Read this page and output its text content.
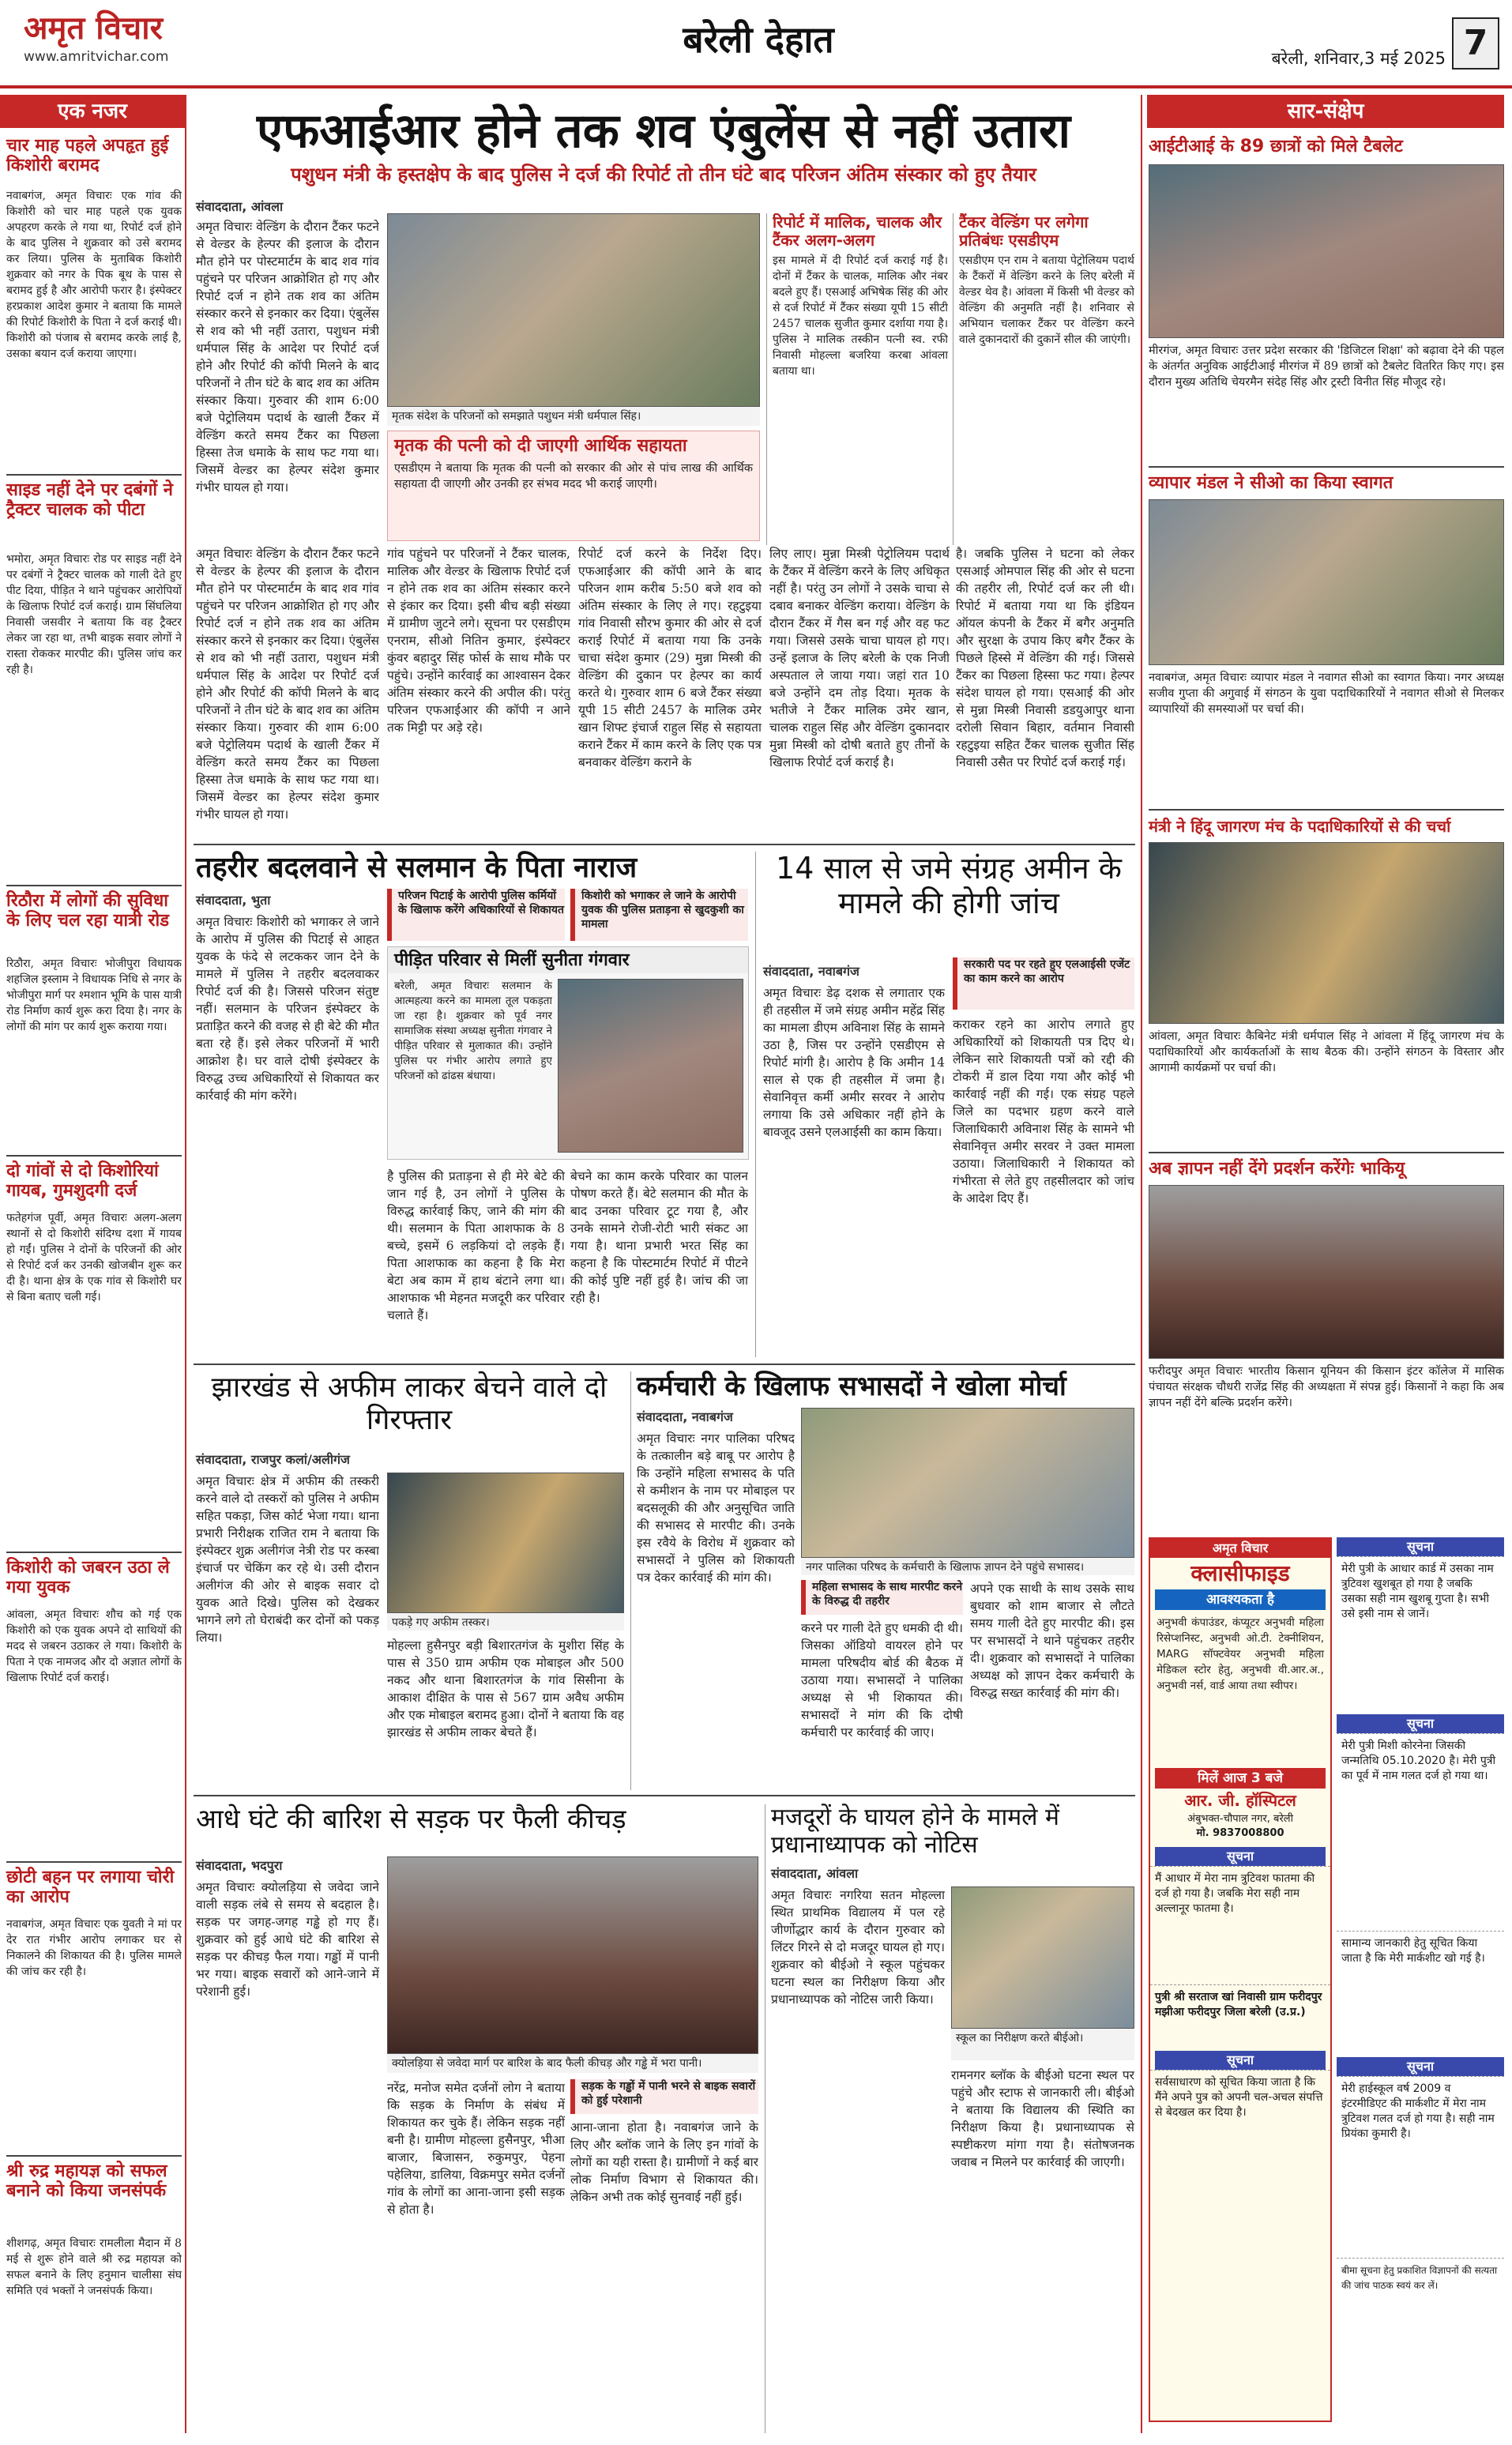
अमृत विचार
www.amritvichar.com	बरेली देहात	बरेली, शनिवार,3 मई 2025 7
एक नजर
चार माह पहले अपहृत हुई किशोरी बरामद
नवाबगंज, अमृत विचारः एक गांव की किशोरी को चार माह पहले एक युवक अपहरण करके ले गया था, रिपोर्ट दर्ज होने के बाद पुलिस ने शुक्रवार को उसे बरामद कर लिया। पुलिस के मुताबिक किशोरी शुक्रवार को नगर के पिक बूथ के पास से बरामद हुई है और आरोपी फरार है। इंस्पेक्टर हरप्रकाश आदेश कुमार ने बताया कि मामले की रिपोर्ट किशोरी के पिता ने दर्ज कराई थी। किशोरी को पंजाब से बरामद करके लाई है, उसका बयान दर्ज कराया जाएगा।
साइड नहीं देने पर दबंगों ने ट्रैक्टर चालक को पीटा
भमोरा, अमृत विचारः रोड पर साइड नहीं देने पर दबंगों ने ट्रैक्टर चालक को गाली देते हुए पीट दिया, पीड़ित ने थाने पहुंचकर आरोपियों के खिलाफ रिपोर्ट दर्ज कराई। ग्राम सिंघलिया निवासी जसवीर ने बताया कि वह ट्रैक्टर लेकर जा रहा था, तभी बाइक सवार लोगों ने रास्ता रोककर मारपीट की। पुलिस जांच कर रही है।
रिठौरा में लोगों की सुविधा के लिए चल रहा यात्री रोड
रिठौरा, अमृत विचारः भोजीपुरा विधायक शहजिल इस्लाम ने विधायक निधि से नगर के भोजीपुरा मार्ग पर श्मशान भूमि के पास यात्री रोड निर्माण कार्य शुरू करा दिया है। नगर के लोगों की मांग पर कार्य शुरू कराया गया।
दो गांवों से दो किशोरियां गायब, गुमशुदगी दर्ज
फतेहगंज पूर्वी, अमृत विचारः अलग-अलग स्थानों से दो किशोरी संदिग्ध दशा में गायब हो गईं। पुलिस ने दोनों के परिजनों की ओर से रिपोर्ट दर्ज कर उनकी खोजबीन शुरू कर दी है। थाना क्षेत्र के एक गांव से किशोरी घर से बिना बताए चली गई।
किशोरी को जबरन उठा ले गया युवक
आंवला, अमृत विचारः शौच को गई एक किशोरी को एक युवक अपने दो साथियों की मदद से जबरन उठाकर ले गया। किशोरी के पिता ने एक नामजद और दो अज्ञात लोगों के खिलाफ रिपोर्ट दर्ज कराई।
छोटी बहन पर लगाया चोरी का आरोप
नवाबगंज, अमृत विचारः एक युवती ने मां पर देर रात गंभीर आरोप लगाकर घर से निकालने की शिकायत की है। पुलिस मामले की जांच कर रही है।
श्री रुद्र महायज्ञ को सफल बनाने को किया जनसंपर्क
शीशगढ़, अमृत विचारः रामलीला मैदान में 8 मई से शुरू होने वाले श्री रुद्र महायज्ञ को सफल बनाने के लिए हनुमान चालीसा संघ समिति एवं भक्तों ने जनसंपर्क किया।
एफआईआर होने तक शव एंबुलेंस से नहीं उतारा
पशुधन मंत्री के हस्तक्षेप के बाद पुलिस ने दर्ज की रिपोर्ट तो तीन घंटे बाद परिजन अंतिम संस्कार को हुए तैयार
संवाददाता, आंवला
अमृत विचारः वेल्डिंग के दौरान टैंकर फटने से वेल्डर के हेल्पर की इलाज के दौरान मौत होने पर पोस्टमार्टम के बाद शव गांव पहुंचने पर परिजन आक्रोशित हो गए और रिपोर्ट दर्ज न होने तक शव का अंतिम संस्कार करने से इनकार कर दिया। एंबुलेंस से शव को भी नहीं उतारा, पशुधन मंत्री धर्मपाल सिंह के आदेश पर रिपोर्ट दर्ज होने और रिपोर्ट की कॉपी मिलने के बाद परिजनों ने तीन घंटे के बाद शव का अंतिम संस्कार किया। गुरुवार की शाम 6:00 बजे पेट्रोलियम पदार्थ के खाली टैंकर में वेल्डिंग करते समय टैंकर का पिछला हिस्सा तेज धमाके के साथ फट गया था। जिसमें वेल्डर का हेल्पर संदेश कुमार गंभीर घायल हो गया।
मृतक संदेश के परिजनों को समझाते पशुधन मंत्री धर्मपाल सिंह।
मृतक की पत्नी को दी जाएगी आर्थिक सहायता
एसडीएम ने बताया कि मृतक की पत्नी को सरकार की ओर से पांच लाख की आर्थिक सहायता दी जाएगी और उनकी हर संभव मदद भी कराई जाएगी।
रिपोर्ट में मालिक, चालक और टैंकर अलग-अलग
इस मामले में दी रिपोर्ट दर्ज कराई गई है। दोनों में टैंकर के चालक, मालिक और नंबर बदले हुए हैं। एसआई अभिषेक सिंह की ओर से दर्ज रिपोर्ट में टैंकर संख्या यूपी 15 सीटी 2457 चालक सुजीत कुमार दर्शाया गया है। पुलिस ने मालिक तस्कीन पत्नी स्व. रफी निवासी मोहल्ला बजरिया करबा आंवला बताया था।
टैंकर वेल्डिंग पर लगेगा प्रतिबंधः एसडीएम
एसडीएम एन राम ने बताया पेट्रोलियम पदार्थ के टैंकरों में वेल्डिंग करने के लिए बरेली में वेल्डर थेव है। आंवला में किसी भी वेल्डर को वेल्डिंग की अनुमति नहीं है। शनिवार से अभियान चलाकर टैंकर पर वेल्डिंग करने वाले दुकानदारों की दुकानें सील की जाएंगी।
अमृत विचारः वेल्डिंग के दौरान टैंकर फटने से वेल्डर के हेल्पर की इलाज के दौरान मौत होने पर पोस्टमार्टम के बाद शव गांव पहुंचने पर परिजन आक्रोशित हो गए और रिपोर्ट दर्ज न होने तक शव का अंतिम संस्कार करने से इनकार कर दिया। एंबुलेंस से शव को भी नहीं उतारा, पशुधन मंत्री धर्मपाल सिंह के आदेश पर रिपोर्ट दर्ज होने और रिपोर्ट की कॉपी मिलने के बाद परिजनों ने तीन घंटे के बाद शव का अंतिम संस्कार किया। गुरुवार की शाम 6:00 बजे पेट्रोलियम पदार्थ के खाली टैंकर में वेल्डिंग करते समय टैंकर का पिछला हिस्सा तेज धमाके के साथ फट गया था। जिसमें वेल्डर का हेल्पर संदेश कुमार गंभीर घायल हो गया।
गांव पहुंचने पर परिजनों ने टैंकर चालक, मालिक और वेल्डर के खिलाफ रिपोर्ट दर्ज न होने तक शव का अंतिम संस्कार करने से इंकार कर दिया। इसी बीच बड़ी संख्या में ग्रामीण जुटने लगे। सूचना पर एसडीएम एनराम, सीओ नितिन कुमार, इंस्पेक्टर कुंवर बहादुर सिंह फोर्स के साथ मौके पर पहुंचे। उन्होंने कार्रवाई का आश्वासन देकर अंतिम संस्कार करने की अपील की। परंतु परिजन एफआईआर की कॉपी न आने तक मिट्टी पर अड़े रहे।
रिपोर्ट दर्ज करने के निर्देश दिए। एफआईआर की कॉपी आने के बाद परिजन शाम करीब 5:50 बजे शव को अंतिम संस्कार के लिए ले गए। रहटुइया गांव निवासी सौरभ कुमार की ओर से दर्ज कराई रिपोर्ट में बताया गया कि उनके चाचा संदेश कुमार (29) मुन्ना मिस्त्री की वेल्डिंग की दुकान पर हेल्पर का कार्य करते थे। गुरुवार शाम 6 बजे टैंकर संख्या यूपी 15 सीटी 2457 के मालिक उमेर खान शिफ्ट इंचार्ज राहुल सिंह से सहायता कराने टैंकर में काम करने के लिए एक पत्र बनवाकर वेल्डिंग कराने के
लिए लाए। मुन्ना मिस्त्री पेट्रोलियम पदार्थ के टैंकर में वेल्डिंग करने के लिए अधिकृत नहीं है। परंतु उन लोगों ने उसके चाचा से दबाव बनाकर वेल्डिंग कराया। वेल्डिंग के दौरान टैंकर में गैस बन गई और वह फट गया। जिससे उसके चाचा घायल हो गए। उन्हें इलाज के लिए बरेली के एक निजी अस्पताल ले जाया गया। जहां रात 10 बजे उन्होंने दम तोड़ दिया। मृतक के भतीजे ने टैंकर मालिक उमेर खान, चालक राहुल सिंह और वेल्डिंग दुकानदार मुन्ना मिस्त्री को दोषी बताते हुए तीनों के खिलाफ रिपोर्ट दर्ज कराई है।
है। जबकि पुलिस ने घटना को लेकर एसआई ओमपाल सिंह की ओर से घटना की तहरीर ली, रिपोर्ट दर्ज कर ली थी। रिपोर्ट में बताया गया था कि इंडियन ऑयल कंपनी के टैंकर में बगैर अनुमति और सुरक्षा के उपाय किए बगैर टैंकर के पिछले हिस्से में वेल्डिंग की गई। जिससे टैंकर का पिछला हिस्सा फट गया। हेल्पर संदेश घायल हो गया। एसआई की ओर से मुन्ना मिस्त्री निवासी डडयुआपुर थाना दरोली सिवान बिहार, वर्तमान निवासी रहटुइया सहित टैंकर चालक सुजीत सिंह निवासी उसैत पर रिपोर्ट दर्ज कराई गई।
तहरीर बदलवाने से सलमान के पिता नाराज
संवाददाता, भुता	परिजन पिटाई के आरोपी पुलिस कर्मियों के खिलाफ करेंगे अधिकारियों से शिकायत
किशोरी को भगाकर ले जाने के आरोपी युवक की पुलिस प्रताड़ना से खुदकुशी का मामला
अमृत विचारः किशोरी को भगाकर ले जाने के आरोप में पुलिस की पिटाई से आहत युवक के फंदे से लटककर जान देने के मामले में पुलिस ने तहरीर बदलवाकर रिपोर्ट दर्ज की है। जिससे परिजन संतुष्ट नहीं। सलमान के परिजन इंस्पेक्टर के प्रताड़ित करने की वजह से ही बेटे की मौत बता रहे हैं। इसे लेकर परिजनों में भारी आक्रोश है। घर वाले दोषी इंस्पेक्टर के विरुद्ध उच्च अधिकारियों से शिकायत कर कार्रवाई की मांग करेंगे।
पीड़ित परिवार से मिलीं सुनीता गंगवार
बरेली, अमृत विचारः सलमान के आत्महत्या करने का मामला तूल पकड़ता जा रहा है। शुक्रवार को पूर्व नगर सामाजिक संस्था अध्यक्ष सुनीता गंगवार ने पीड़ित परिवार से मुलाकात की। उन्होंने पुलिस पर गंभीर आरोप लगाते हुए परिजनों को ढांढस बंधाया।
है पुलिस की प्रताड़ना से ही मेरे बेटे की जान गई है, उन लोगों ने पुलिस के विरुद्ध कार्रवाई किए, जाने की मांग की थी। सलमान के पिता आशफाक के 8 बच्चे, इसमें 6 लड़कियां दो लड़के हैं। पिता आशफाक का कहना है कि मेरा बेटा अब काम में हाथ बंटाने लगा था। आशफाक भी मेहनत मजदूरी कर परिवार चलाते हैं।
बेचने का काम करके परिवार का पालन पोषण करते हैं। बेटे सलमान की मौत के बाद उनका परिवार टूट गया है, और उनके सामने रोजी-रोटी भारी संकट आ गया है। थाना प्रभारी भरत सिंह का कहना है कि पोस्टमार्टम रिपोर्ट में पीटने की कोई पुष्टि नहीं हुई है। जांच की जा रही है।
14 साल से जमे संग्रह अमीन के मामले की होगी जांच
संवाददाता, नवाबगंज	सरकारी पद पर रहते हुए एलआईसी एजेंट का काम करने का आरोप
अमृत विचारः डेढ़ दशक से लगातार एक ही तहसील में जमे संग्रह अमीन महेंद्र सिंह का मामला डीएम अविनाश सिंह के सामने उठा है, जिस पर उन्होंने एसडीएम से रिपोर्ट मांगी है। आरोप है कि अमीन 14 साल से एक ही तहसील में जमा है। सेवानिवृत्त कर्मी अमीर सरवर ने आरोप लगाया कि उसे अधिकार नहीं होने के बावजूद उसने एलआईसी का काम किया।
कराकर रहने का आरोप लगाते हुए अधिकारियों को शिकायती पत्र दिए थे। लेकिन सारे शिकायती पत्रों को रद्दी की टोकरी में डाल दिया गया और कोई भी कार्रवाई नहीं की गई। एक संग्रह पहले जिले का पदभार ग्रहण करने वाले जिलाधिकारी अविनाश सिंह के सामने भी सेवानिवृत्त अमीर सरवर ने उक्त मामला उठाया। जिलाधिकारी ने शिकायत को गंभीरता से लेते हुए तहसीलदार को जांच के आदेश दिए हैं।
झारखंड से अफीम लाकर बेचने वाले दो गिरफ्तार
संवाददाता, राजपुर कलां/अलीगंज
अमृत विचारः क्षेत्र में अफीम की तस्करी करने वाले दो तस्करों को पुलिस ने अफीम सहित पकड़ा, जिस कोर्ट भेजा गया। थाना प्रभारी निरीक्षक राजित राम ने बताया कि इंस्पेक्टर शुक्र अलीगंज नेत्री रोड पर कस्बा इंचार्ज पर चेकिंग कर रहे थे। उसी दौरान अलीगंज की ओर से बाइक सवार दो युवक आते दिखे। पुलिस को देखकर भागने लगे तो घेराबंदी कर दोनों को पकड़ लिया।
पकड़े गए अफीम तस्कर।
मोहल्ला हुसैनपुर बड़ी बिशारतगंज के मुशीरा सिंह के पास से 350 ग्राम अफीम एक मोबाइल और 500 नकद और थाना बिशारतगंज के गांव सिसीना के आकाश दीक्षित के पास से 567 ग्राम अवैध अफीम और एक मोबाइल बरामद हुआ। दोनों ने बताया कि वह झारखंड से अफीम लाकर बेचते हैं।
कर्मचारी के खिलाफ सभासदों ने खोला मोर्चा
संवाददाता, नवाबगंज
अमृत विचारः नगर पालिका परिषद के तत्कालीन बड़े बाबू पर आरोप है कि उन्होंने महिला सभासद के पति से कमीशन के नाम पर मोबाइल पर बदसलूकी की और अनुसूचित जाति की सभासद से मारपीट की। उनके इस रवैये के विरोध में शुक्रवार को सभासदों ने पुलिस को शिकायती पत्र देकर कार्रवाई की मांग की।
नगर पालिका परिषद के कर्मचारी के खिलाफ ज्ञापन देने पहुंचे सभासद।
महिला सभासद के साथ मारपीट करने के विरुद्ध दी तहरीर
करने पर गाली देते हुए धमकी दी थी। जिसका ऑडियो वायरल होने पर मामला परिषदीय बोर्ड की बैठक में उठाया गया। सभासदों ने पालिका अध्यक्ष से भी शिकायत की। सभासदों ने मांग की कि दोषी कर्मचारी पर कार्रवाई की जाए।
अपने एक साथी के साथ उसके साथ बुधवार को शाम बाजार से लौटते समय गाली देते हुए मारपीट की। इस पर सभासदों ने थाने पहुंचकर तहरीर दी। शुक्रवार को सभासदों ने पालिका अध्यक्ष को ज्ञापन देकर कर्मचारी के विरुद्ध सख्त कार्रवाई की मांग की।
आधे घंटे की बारिश से सड़क पर फैली कीचड़
संवाददाता, भदपुरा
अमृत विचारः क्योलड़िया से जवेदा जाने वाली सड़क लंबे से समय से बदहाल है। सड़क पर जगह-जगह गड्ढे हो गए हैं। शुक्रवार को हुई आधे घंटे की बारिश से सड़क पर कीचड़ फैल गया। गड्ढों में पानी भर गया। बाइक सवारों को आने-जाने में परेशानी हुई।
क्योलड़िया से जवेदा मार्ग पर बारिश के बाद फैली कीचड़ और गड्ढे में भरा पानी।
नरेंद्र, मनोज समेत दर्जनों लोग ने बताया कि सड़क के निर्माण के संबंध में शिकायत कर चुके हैं। लेकिन सड़क नहीं बनी है। ग्रामीण मोहल्ला हुसैनपुर, भीआ बाजार, बिजासन, रुकुमपुर, पेहना पहेलिया, डालिया, विक्रमपुर समेत दर्जनों गांव के लोगों का आना-जाना इसी सड़क से होता है।
सड़क के गड्ढों में पानी भरने से बाइक सवारों को हुई परेशानी
आना-जाना होता है। नवाबगंज जाने के लिए और ब्लॉक जाने के लिए इन गांवों के लोगों का यही रास्ता है। ग्रामीणों ने कई बार लोक निर्माण विभाग से शिकायत की। लेकिन अभी तक कोई सुनवाई नहीं हुई।
मजदूरों के घायल होने के मामले में प्रधानाध्यापक को नोटिस
संवाददाता, आंवला
अमृत विचारः नगरिया सतन मोहल्ला स्थित प्राथमिक विद्यालय में पल रहे जीर्णोद्धार कार्य के दौरान गुरुवार को लिंटर गिरने से दो मजदूर घायल हो गए। शुक्रवार को बीईओ ने स्कूल पहुंचकर घटना स्थल का निरीक्षण किया और प्रधानाध्यापक को नोटिस जारी किया।
स्कूल का निरीक्षण करते बीईओ।
रामनगर ब्लॉक के बीईओ घटना स्थल पर पहुंचे और स्टाफ से जानकारी ली। बीईओ ने बताया कि विद्यालय की स्थिति का निरीक्षण किया है। प्रधानाध्यापक से स्पष्टीकरण मांगा गया है। संतोषजनक जवाब न मिलने पर कार्रवाई की जाएगी।
सार-संक्षेप
आईटीआई के 89 छात्रों को मिले टैबलेट
मीरगंज, अमृत विचारः उत्तर प्रदेश सरकार की 'डिजिटल शिक्षा' को बढ़ावा देने की पहल के अंतर्गत अनुविक आईटीआई मीरगंज में 89 छात्रों को टैबलेट वितरित किए गए। इस दौरान मुख्य अतिथि चेयरमैन संदेह सिंह और ट्रस्टी विनीत सिंह मौजूद रहे।
व्यापार मंडल ने सीओ का किया स्वागत
नवाबगंज, अमृत विचारः व्यापार मंडल ने नवागत सीओ का स्वागत किया। नगर अध्यक्ष सजीव गुप्ता की अगुवाई में संगठन के युवा पदाधिकारियों ने नवागत सीओ से मिलकर व्यापारियों की समस्याओं पर चर्चा की।
मंत्री ने हिंदू जागरण मंच के पदाधिकारियों से की चर्चा
आंवला, अमृत विचारः कैबिनेट मंत्री धर्मपाल सिंह ने आंवला में हिंदू जागरण मंच के पदाधिकारियों और कार्यकर्ताओं के साथ बैठक की। उन्होंने संगठन के विस्तार और आगामी कार्यक्रमों पर चर्चा की।
अब ज्ञापन नहीं देंगे प्रदर्शन करेंगेः भाकियू
फरीदपुर अमृत विचारः भारतीय किसान यूनियन की किसान इंटर कॉलेज में मासिक पंचायत संरक्षक चौधरी राजेंद्र सिंह की अध्यक्षता में संपन्न हुई। किसानों ने कहा कि अब ज्ञापन नहीं देंगे बल्कि प्रदर्शन करेंगे।
अमृत विचार
क्लासीफाइड
आवश्यकता है
अनुभवी कंपाउंडर, कंप्यूटर अनुभवी महिला रिसेप्शनिस्ट, अनुभवी ओ.टी. टेक्नीशियन, MARG सॉफ्टवेयर अनुभवी महिला मेडिकल स्टोर हेतु, अनुभवी वी.आर.अ., अनुभवी नर्स, वार्ड आया तथा स्वीपर।
मिलें आज 3 बजे
आर. जी. हॉस्पिटल
अंबुभक्त-चौपाल नगर, बरेली
मो. 9837008800
सूचना
मैं आधार में मेरा नाम त्रुटिवश फातमा की दर्ज हो गया है। जबकि मेरा सही नाम अल्लानूर फातमा है।
पुत्री श्री सरताज खां निवासी ग्राम फरीदपुर मझीआ फरीदपुर जिला बरेली (उ.प्र.)
सूचना
सर्वसाधारण को सूचित किया जाता है कि मैंने अपने पुत्र को अपनी चल-अचल संपत्ति से बेदखल कर दिया है।
सूचना
मेरी पुत्री के आधार कार्ड में उसका नाम त्रुटिवश खुशबूत हो गया है जबकि उसका सही नाम खुशबू गुप्ता है। सभी उसे इसी नाम से जानें।
सूचना
मेरी पुत्री मिशी कोरनेना जिसकी जन्मतिथि 05.10.2020 है। मेरी पुत्री का पूर्व में नाम गलत दर्ज हो गया था।
सामान्य जानकारी हेतु सूचित किया जाता है कि मेरी मार्कशीट खो गई है।
सूचना
मेरी हाईस्कूल वर्ष 2009 व इंटरमीडिएट की मार्कशीट में मेरा नाम त्रुटिवश गलत दर्ज हो गया है। सही नाम प्रियंका कुमारी है।
बीमा सूचना हेतु प्रकाशित विज्ञापनों की सत्यता की जांच पाठक स्वयं कर लें।
